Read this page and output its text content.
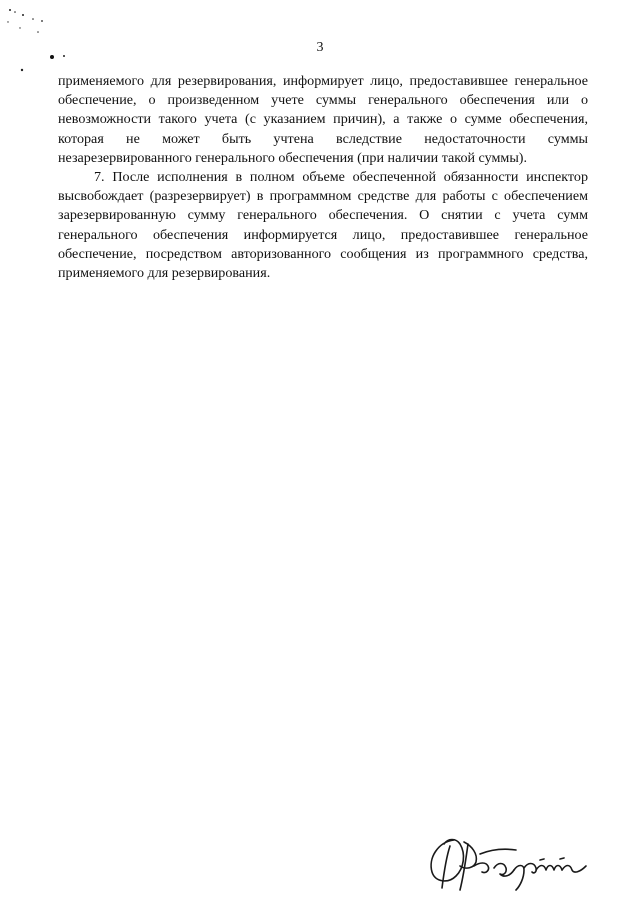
3

применяемого для резервирования, информирует лицо, предоставившее генеральное обеспечение, о произведенном учете суммы генерального обеспечения или о невозможности такого учета (с указанием причин), а также о сумме обеспечения, которая не может быть учтена вследствие недостаточности суммы незарезервированного генерального обеспечения (при наличии такой суммы).

7. После исполнения в полном объеме обеспеченной обязанности инспектор высвобождает (разрезервирует) в программном средстве для работы с обеспечением зарезервированную сумму генерального обеспечения. О снятии с учета сумм генерального обеспечения информируется лицо, предоставившее генеральное обеспечение, посредством авторизованного сообщения из программного средства, применяемого для резервирования.
